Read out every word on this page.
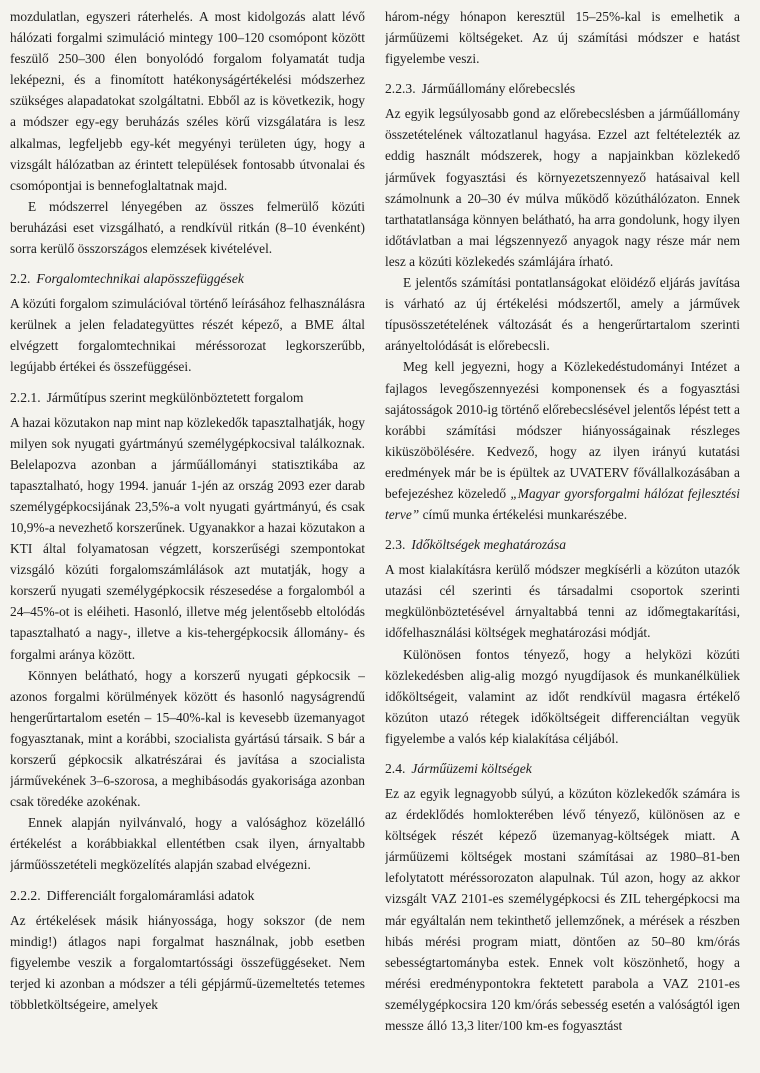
mozdulatlan, egyszeri ráterhelés. A most kidolgozás alatt lévő hálózati forgalmi szimuláció mintegy 100–120 csomópont között feszülő 250–300 élen bonyolódó forgalom folyamatát tudja leképezni, és a finomított hatékonyságértékelési módszerhez szükséges alapadatokat szolgáltatni. Ebből az is következik, hogy a módszer egy-egy beruházás széles körű vizsgálatára is lesz alkalmas, legfeljebb egy-két megyényi területen úgy, hogy a vizsgált hálózatban az érintett települések fontosabb útvonalai és csomópontjai is bennefoglaltatnak majd.

E módszerrel lényegében az összes felmerülő közúti beruházási eset vizsgálható, a rendkívül ritkán (8–10 évenként) sorra kerülő összországos elemzések kivételével.

2.2. Forgalomtechnikai alapösszefüggések

A közúti forgalom szimulációval történő leírásához felhasználásra kerülnek a jelen feladategyüttes részét képező, a BME által elvégzett forgalomtechnikai méréssorozat legkorszerűbb, legújabb értékei és összefüggései.

2.2.1. Járműtípus szerint megkülönböztetett forgalom

A hazai közutakon nap mint nap közlekedők tapasztalhatják, hogy milyen sok nyugati gyártmányú személygépkocsival találkoznak. Belelapozva azonban a járműállományi statisztikába az tapasztalható, hogy 1994. január 1-jén az ország 2093 ezer darab személygépkocsijának 23,5%-a volt nyugati gyártmányú, és csak 10,9%-a nevezhető korszerűnek. Ugyanakkor a hazai közutakon a KTI által folyamatosan végzett, korszerűségi szempontokat vizsgáló közúti forgalomszámlálások azt mutatják, hogy a korszerű nyugati személygépkocsik részesedése a forgalomból a 24–45%-ot is eléiheti. Hasonló, illetve még jelentősebb eltolódás tapasztalható a nagy-, illetve a kis-tehergépkocsik állomány- és forgalmi aránya között.

Könnyen belátható, hogy a korszerű nyugati gépkocsik – azonos forgalmi körülmények között és hasonló nagyságrendű hengerűrtartalom esetén – 15–40%-kal is kevesebb üzemanyagot fogyasztanak, mint a korábbi, szocialista gyártású társaik. S bár a korszerű gépkocsik alkatrészárai és javítása a szocialista járművekének 3–6-szorosa, a meghibásodás gyakorisága azonban csak töredéke azokénak.

Ennek alapján nyilvánvaló, hogy a valósághoz közelálló értékelést a korábbiakkal ellentétben csak ilyen, árnyaltabb járműösszetételi megközelítés alapján szabad elvégezni.

2.2.2. Differenciált forgalomáramlási adatok

Az értékelések másik hiányossága, hogy sokszor (de nem mindig!) átlagos napi forgalmat használnak, jobb esetben figyelembe veszik a forgalomtartóssági összefüggéseket. Nem terjed ki azonban a módszer a téli gépjármű-üzemeltetés tetemes többletköltségeire, amelyek

három-négy hónapon keresztül 15–25%-kal is emelhetik a járműüzemi költségeket. Az új számítási módszer e hatást figyelembe veszi.

2.2.3. Járműállomány előrebecslés

Az egyik legsúlyosabb gond az előrebecslésben a járműállomány összetételének változatlanul hagyása. Ezzel azt feltételezték az eddig használt módszerek, hogy a napjainkban közlekedő járművek fogyasztási és környezetszennyező hatásaival kell számolnunk a 20–30 év múlva működő közúthálózaton. Ennek tarthatatlansága könnyen belátható, ha arra gondolunk, hogy ilyen időtávlatban a mai légszennyező anyagok nagy része már nem lesz a közúti közlekedés számlájára írható.

E jelentős számítási pontatlanságokat elöidéző eljárás javítása is várható az új értékelési módszertől, amely a járművek típusösszetételének változását és a hengerűrtartalom szerinti arányeltolódását is előrebecsli.

Meg kell jegyezni, hogy a Közlekedéstudományi Intézet a fajlagos levegőszennyezési komponensek és a fogyasztási sajátosságok 2010-ig történő előrebecslésével jelentős lépést tett a korábbi számítási módszer hiányosságainak részleges kiküszöbölésére. Kedvező, hogy az ilyen irányú kutatási eredmények már be is épültek az UVATERV fővállalkozásában a befejezéshez közeledő „Magyar gyorsforgalmi hálózat fejlesztési terve” című munka értékelési munkarészébe.

2.3. Időköltségek meghatározása

A most kialakításra kerülő módszer megkísérli a közúton utazók utazási cél szerinti és társadalmi csoportok szerinti megkülönböztetésével árnyaltabbá tenni az időmegtakarítási, időfelhasználási költségek meghatározási módját.

Különösen fontos tényező, hogy a helyközi közúti közlekedésben alig-alig mozgó nyugdíjasok és munkanélküliek időköltségeit, valamint az időt rendkívül magasra értékelő közúton utazó rétegek időköltségeit differenciáltan vegyük figyelembe a valós kép kialakítása céljából.

2.4. Járműüzemi költségek

Ez az egyik legnagyobb súlyú, a közúton közlekedők számára is az érdeklődés homlokterében lévő tényező, különösen az e költségek részét képező üzemanyag-költségek miatt. A járműüzemi költségek mostani számításai az 1980–81-ben lefolytatott méréssorozaton alapulnak. Túl azon, hogy az akkor vizsgált VAZ 2101-es személygépkocsi és ZIL tehergépkocsi ma már egyáltalán nem tekinthető jellemzőnek, a mérések a részben hibás mérési program miatt, döntően az 50–80 km/órás sebességtartományba estek. Ennek volt köszönhető, hogy a mérési eredménypontokra fektetett parabola a VAZ 2101-es személygépkocsira 120 km/órás sebesség esetén a valóságtól igen messze álló 13,3 liter/100 km-es fogyasztást
